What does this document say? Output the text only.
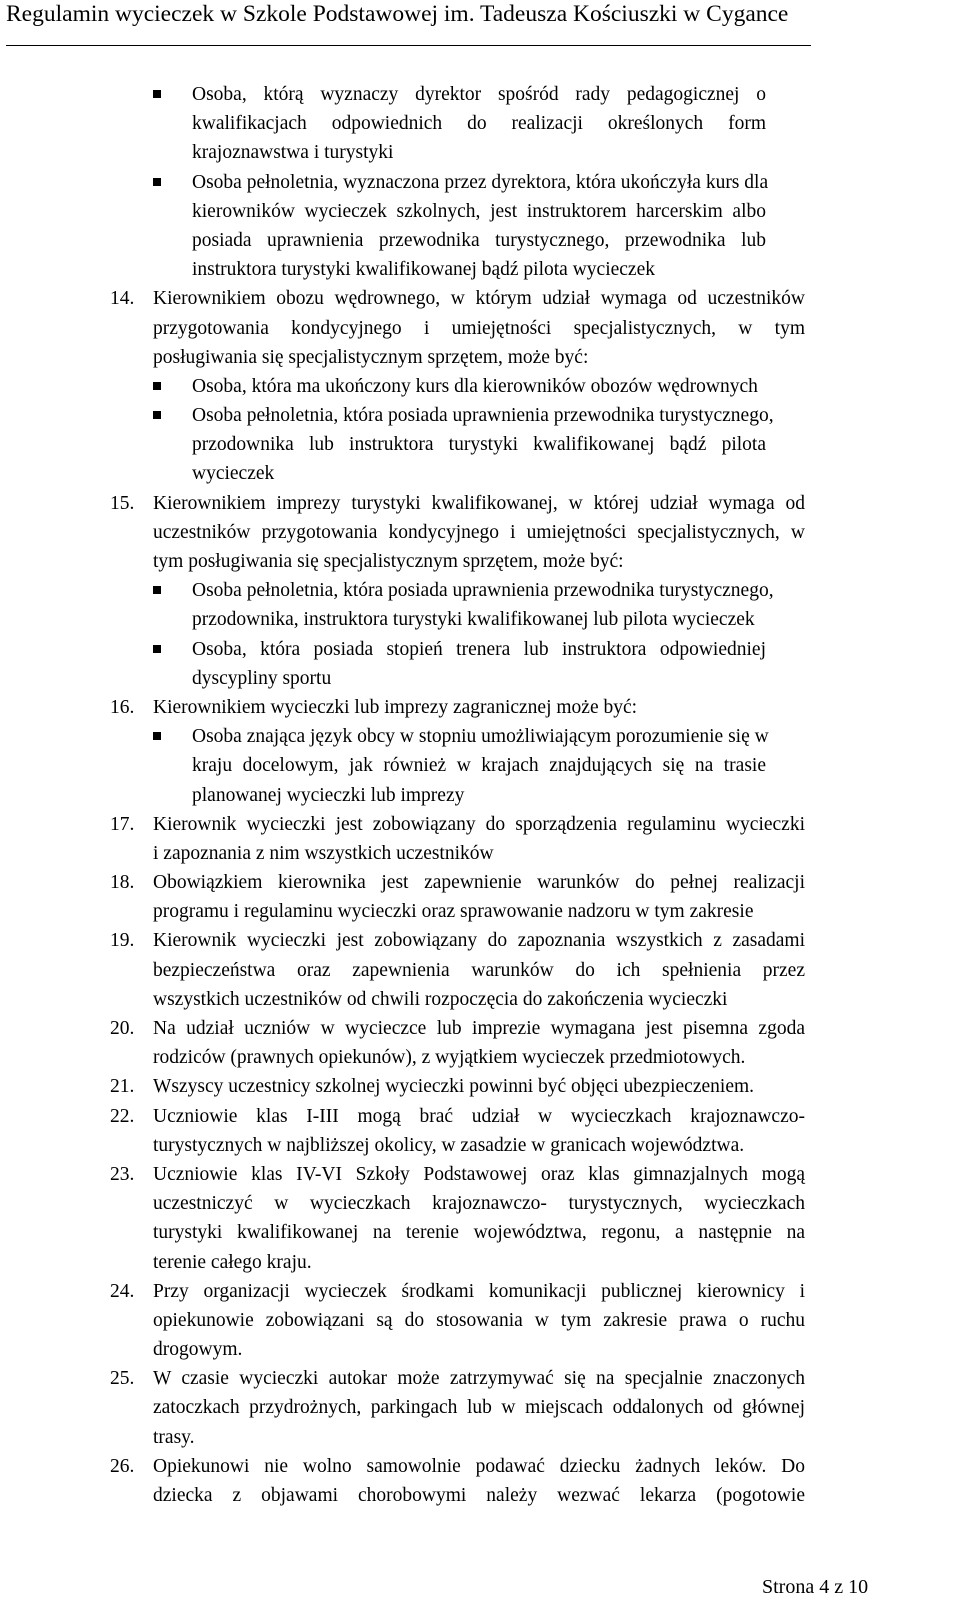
Regulamin wycieczek w Szkole Podstawowej im. Tadeusza Kościuszki w Cygance
Osoba, którą wyznaczy dyrektor spośród rady pedagogicznej o
kwalifikacjach odpowiednich do realizacji określonych form
krajoznawstwa i turystyki
Osoba pełnoletnia, wyznaczona przez dyrektora, która ukończyła kurs dla
kierowników wycieczek szkolnych, jest instruktorem harcerskim albo
posiada uprawnienia przewodnika turystycznego, przewodnika lub
instruktora turystyki kwalifikowanej bądź pilota wycieczek
14. Kierownikiem obozu wędrownego, w którym udział wymaga od uczestników
przygotowania kondycyjnego i umiejętności specjalistycznych, w tym
posługiwania się specjalistycznym sprzętem, może być:
Osoba, która ma ukończony kurs dla kierowników obozów wędrownych
Osoba pełnoletnia, która posiada uprawnienia przewodnika turystycznego,
przodownika lub instruktora turystyki kwalifikowanej bądź pilota
wycieczek
15. Kierownikiem imprezy turystyki kwalifikowanej, w której udział wymaga od
uczestników przygotowania kondycyjnego i umiejętności specjalistycznych, w
tym posługiwania się specjalistycznym sprzętem, może być:
Osoba pełnoletnia, która posiada uprawnienia przewodnika turystycznego,
przodownika, instruktora turystyki kwalifikowanej lub pilota wycieczek
Osoba, która posiada stopień trenera lub instruktora odpowiedniej
dyscypliny sportu
16. Kierownikiem wycieczki lub imprezy zagranicznej może być:
Osoba znająca język obcy w stopniu umożliwiającym porozumienie się w
kraju docelowym, jak również w krajach znajdujących się na trasie
planowanej wycieczki lub imprezy
17. Kierownik wycieczki jest zobowiązany do sporządzenia regulaminu wycieczki
i zapoznania z nim wszystkich uczestników
18. Obowiązkiem kierownika jest zapewnienie warunków do pełnej realizacji
programu i regulaminu wycieczki oraz sprawowanie nadzoru w tym zakresie
19. Kierownik wycieczki jest zobowiązany do zapoznania wszystkich z zasadami
bezpieczeństwa oraz zapewnienia warunków do ich spełnienia przez
wszystkich uczestników od chwili rozpoczęcia do zakończenia wycieczki
20. Na udział uczniów w wycieczce lub imprezie wymagana jest pisemna zgoda
rodziców (prawnych opiekunów), z wyjątkiem wycieczek przedmiotowych.
21. Wszyscy uczestnicy szkolnej wycieczki powinni być objęci ubezpieczeniem.
22. Uczniowie klas I-III mogą brać udział w wycieczkach krajoznawczo-
turystycznych w najbliższej okolicy, w zasadzie w granicach województwa.
23. Uczniowie klas IV-VI Szkoły Podstawowej oraz klas gimnazjalnych mogą
uczestniczyć w wycieczkach krajoznawczo- turystycznych, wycieczkach
turystyki kwalifikowanej na terenie województwa, regonu, a następnie na
terenie całego kraju.
24. Przy organizacji wycieczek środkami komunikacji publicznej kierownicy i
opiekunowie zobowiązani są do stosowania w tym zakresie prawa o ruchu
drogowym.
25. W czasie wycieczki autokar może zatrzymywać się na specjalnie znaczonych
zatoczkach przydrożnych, parkingach lub w miejscach oddalonych od głównej
trasy.
26. Opiekunowi nie wolno samowolnie podawać dziecku żadnych leków. Do
dziecka z objawami chorobowymi należy wezwać lekarza (pogotowie
Strona 4 z 10
